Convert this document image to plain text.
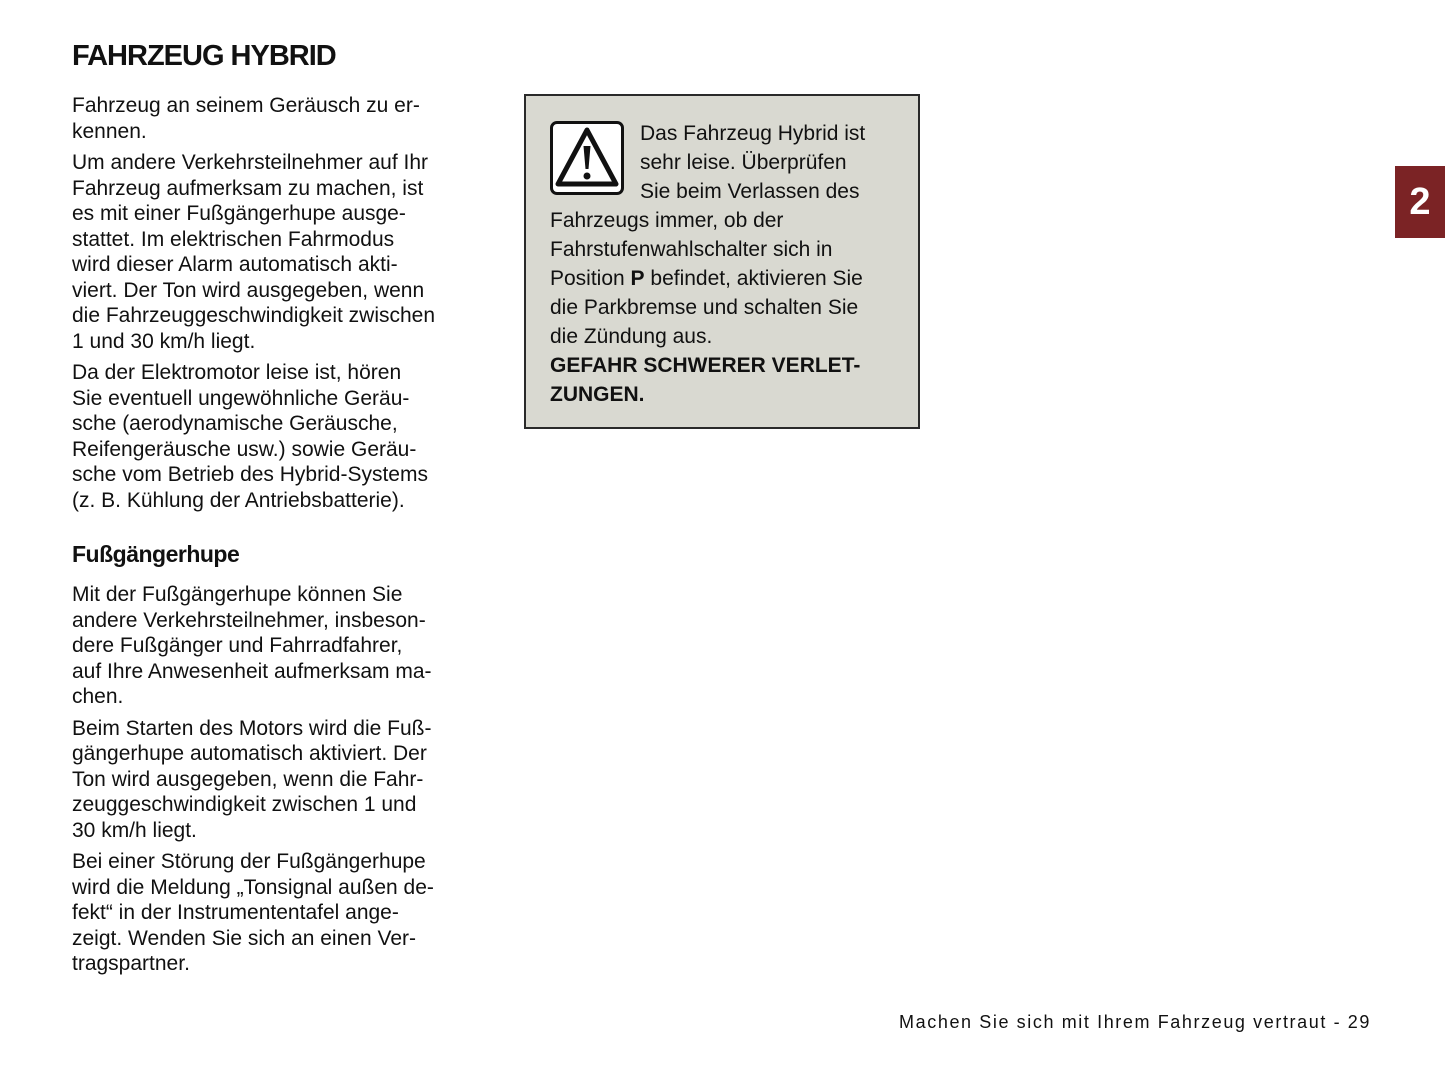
FAHRZEUG HYBRID

Fahrzeug an seinem Geräusch zu er-
kennen.

Um andere Verkehrsteilnehmer auf Ihr
Fahrzeug aufmerksam zu machen, ist
es mit einer Fußgängerhupe ausge-
stattet. Im elektrischen Fahrmodus
wird dieser Alarm automatisch akti-
viert. Der Ton wird ausgegeben, wenn
die Fahrzeuggeschwindigkeit zwischen
1 und 30 km/h liegt.

Da der Elektromotor leise ist, hören
Sie eventuell ungewöhnliche Geräu-
sche (aerodynamische Geräusche,
Reifengeräusche usw.) sowie Geräu-
sche vom Betrieb des Hybrid-Systems
(z. B. Kühlung der Antriebsbatterie).

Fußgängerhupe

Mit der Fußgängerhupe können Sie
andere Verkehrsteilnehmer, insbeson-
dere Fußgänger und Fahrradfahrer,
auf Ihre Anwesenheit aufmerksam ma-
chen.

Beim Starten des Motors wird die Fuß-
gängerhupe automatisch aktiviert. Der
Ton wird ausgegeben, wenn die Fahr-
zeuggeschwindigkeit zwischen 1 und
30 km/h liegt.

Bei einer Störung der Fußgängerhupe
wird die Meldung „Tonsignal außen de-
fekt“ in der Instrumententafel ange-
zeigt. Wenden Sie sich an einen Ver-
tragspartner.

Das Fahrzeug Hybrid ist
sehr leise. Überprüfen
Sie beim Verlassen des
Fahrzeugs immer, ob der
Fahrstufenwahlschalter sich in
Position P befindet, aktivieren Sie
die Parkbremse und schalten Sie
die Zündung aus.
GEFAHR SCHWERER VERLET-
ZUNGEN.
2
Machen Sie sich mit Ihrem Fahrzeug vertraut - 29
